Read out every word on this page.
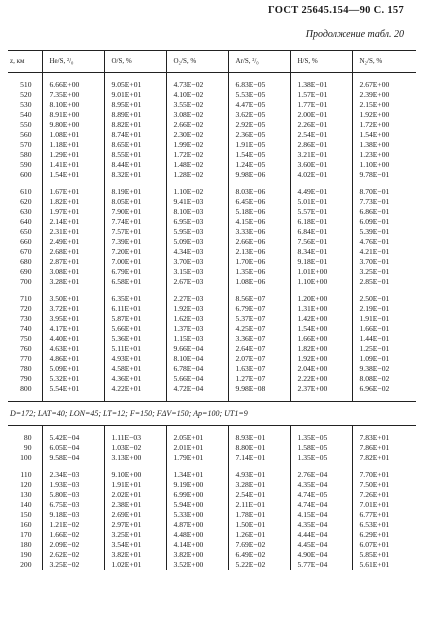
ГОСТ 25645.154—90 С. 157
Продолжение табл. 20
z, км	He/S, ²/₀	O/S, %	O₂/S, %	Ar/S, ²/₀	H/S, %	N₂/S, %

510	6.66E+00	9.05E+01	4.73E−02	6.83E−05	1.38E−01	2.67E+00
520	7.35E+00	9.01E+01	4.10E−02	5.53E−05	1.57E−01	2.39E+00
530	8.10E+00	8.95E+01	3.55E−02	4.47E−05	1.77E−01	2.15E+00
540	8.91E+00	8.89E+01	3.08E−02	3.62E−05	2.00E−01	1.92E+00
550	9.80E+00	8.82E+01	2.66E−02	2.92E−05	2.26E−01	1.72E+00
560	1.08E+01	8.74E+01	2.30E−02	2.36E−05	2.54E−01	1.54E+00
570	1.18E+01	8.65E+01	1.99E−02	1.91E−05	2.86E−01	1.38E+00
580	1.29E+01	8.55E+01	1.72E−02	1.54E−05	3.21E−01	1.23E+00
590	1.41E+01	8.44E+01	1.48E−02	1.24E−05	3.60E−01	1.10E+00
600	1.54E+01	8.32E+01	1.28E−02	9.98E−06	4.02E−01	9.78E−01

610	1.67E+01	8.19E+01	1.10E−02	8.03E−06	4.49E−01	8.70E−01
620	1.82E+01	8.05E+01	9.41E−03	6.45E−06	5.01E−01	7.73E−01
630	1.97E+01	7.90E+01	8.10E−03	5.18E−06	5.57E−01	6.86E−01
640	2.14E+01	7.74E+01	6.95E−03	4.15E−06	6.18E−01	6.09E−01
650	2.31E+01	7.57E+01	5.95E−03	3.33E−06	6.84E−01	5.39E−01
660	2.49E+01	7.39E+01	5.09E−03	2.66E−06	7.56E−01	4.76E−01
670	2.68E+01	7.20E+01	4.34E−03	2.13E−06	8.34E−01	4.21E−01
680	2.87E+01	7.00E+01	3.70E−03	1.70E−06	9.18E−01	3.70E−01
690	3.08E+01	6.79E+01	3.15E−03	1.35E−06	1.01E+00	3.25E−01
700	3.28E+01	6.58E+01	2.67E−03	1.08E−06	1.10E+00	2.85E−01

710	3.50E+01	6.35E+01	2.27E−03	8.56E−07	1.20E+00	2.50E−01
720	3.72E+01	6.11E+01	1.92E−03	6.79E−07	1.31E+00	2.19E−01
730	3.95E+01	5.87E+01	1.62E−03	5.37E−07	1.42E+00	1.91E−01
740	4.17E+01	5.66E+01	1.37E−03	4.25E−07	1.54E+00	1.66E−01
750	4.40E+01	5.36E+01	1.15E−03	3.36E−07	1.66E+00	1.44E−01
760	4.63E+01	5.11E+01	9.66E−04	2.64E−07	1.82E+00	1.25E−01
770	4.86E+01	4.93E+01	8.10E−04	2.07E−07	1.92E+00	1.09E−01
780	5.09E+01	4.58E+01	6.78E−04	1.63E−07	2.04E+00	9.38E−02
790	5.32E+01	4.36E+01	5.66E−04	1.27E−07	2.22E+00	8.08E−02
800	5.54E+01	4.22E+01	4.72E−04	9.98E−08	2.37E+00	6.96E−02

D=172; LAT=40; LON=45; LT=12; F=150; FΔV=150; Ap=100; UT1=9						

80	5.42E−04	1.11E−03	2.05E+01	8.93E−01	1.35E−05	7.83E+01
90	6.05E−04	1.03E−02	2.01E+01	8.80E−01	1.58E−05	7.86E+01
100	9.58E−04	3.13E+00	1.79E+01	7.14E−01	1.35E−05	7.82E+01

110	2.34E−03	9.10E+00	1.34E+01	4.93E−01	2.76E−04	7.70E+01
120	1.93E−03	1.91E+01	9.19E+00	3.28E−01	4.35E−04	7.50E+01
130	5.80E−03	2.02E+01	6.99E+00	2.54E−01	4.74E−05	7.26E+01
140	6.75E−03	2.38E+01	5.94E+00	2.11E−01	4.74E−04	7.01E+01
150	9.18E−03	2.69E+01	5.33E+00	1.78E−01	4.15E−04	6.77E+01
160	1.21E−02	2.97E+01	4.87E+00	1.50E−01	4.35E−04	6.53E+01
170	1.66E−02	3.25E+01	4.48E+00	1.26E−01	4.44E−04	6.29E+01
180	2.09E−02	3.54E+01	4.14E+00	7.69E−02	4.45E−04	6.07E+01
190	2.62E−02	3.82E+01	3.82E+00	6.49E−02	4.90E−04	5.85E+01
200	3.25E−02	1.02E+01	3.52E+00	5.22E−02	5.77E−04	5.61E+01
